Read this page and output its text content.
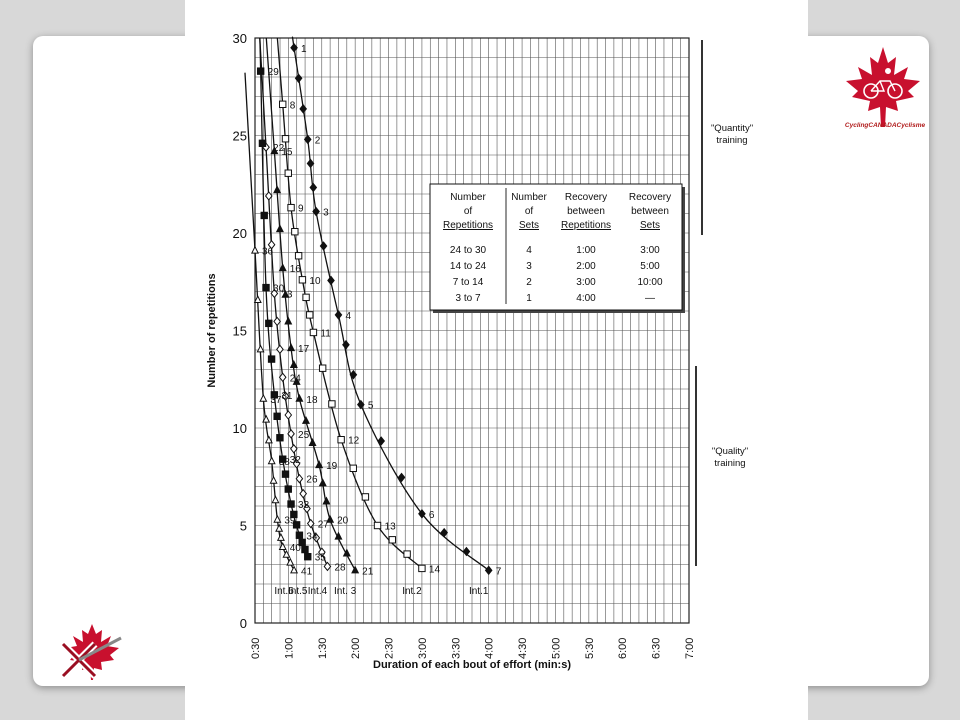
0
5
10
15
20
25
30
0:30 1:00 1:30 2:00 2:30 3:00 3:30 4:00 4:30 5:00 5:30 6:00 6:30 7:00
Duration of each bout of effort (min:s)
Number of repetitions
1
2
3
4
5
6
7
Int.1
8
9
10
11
12
13
14
Int.2
15
16
17
18
19
20
21
Int. 3
22
23
24
25
26
27
28
Int.4
29
30
31
32
33
34
35
Int.5
36
37
38
39
40
41
Int.6
Number
of
Repetitions
Number
of
Sets
Recovery
between
Repetitions
Recovery
between
Sets
24 to 30	4	1:00	3:00
14 to 24	3	2:00	5:00
7 to 14	2	3:00	10:00
3 to 7	1	4:00	—
"Quantity"
training
"Quality"
training
CyclingCANADACyclisme
